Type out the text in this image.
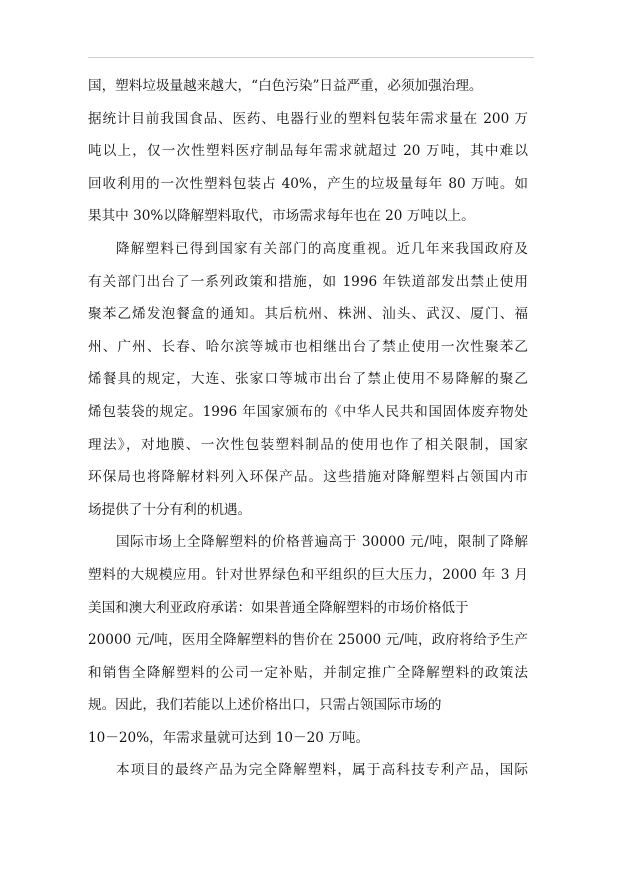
国，塑料垃圾量越来越大，“白色污染”日益严重，必须加强治理。
据统计目前我国食品、医药、电器行业的塑料包装年需求量在 200 万
吨以上，仅一次性塑料医疗制品每年需求就超过 20 万吨，其中难以
回收利用的一次性塑料包装占 40%，产生的垃圾量每年 80 万吨。如
果其中 30%以降解塑料取代，市场需求每年也在 20 万吨以上。
降解塑料已得到国家有关部门的高度重视。近几年来我国政府及
有关部门出台了一系列政策和措施，如 1996 年铁道部发出禁止使用
聚苯乙烯发泡餐盒的通知。其后杭州、株洲、汕头、武汉、厦门、福
州、广州、长春、哈尔滨等城市也相继出台了禁止使用一次性聚苯乙
烯餐具的规定，大连、张家口等城市出台了禁止使用不易降解的聚乙
烯包装袋的规定。1996 年国家颁布的《中华人民共和国固体废弃物处
理法》，对地膜、一次性包装塑料制品的使用也作了相关限制，国家
环保局也将降解材料列入环保产品。这些措施对降解塑料占领国内市
场提供了十分有利的机遇。
国际市场上全降解塑料的价格普遍高于 30000 元/吨，限制了降解
塑料的大规模应用。针对世界绿色和平组织的巨大压力，2000 年 3 月
美国和澳大利亚政府承诺：如果普通全降解塑料的市场价格低于
20000 元/吨，医用全降解塑料的售价在 25000 元/吨，政府将给予生产
和销售全降解塑料的公司一定补贴，并制定推广全降解塑料的政策法
规。因此，我们若能以上述价格出口，只需占领国际市场的
10－20%，年需求量就可达到 10－20 万吨。
本项目的最终产品为完全降解塑料，属于高科技专利产品，国际
